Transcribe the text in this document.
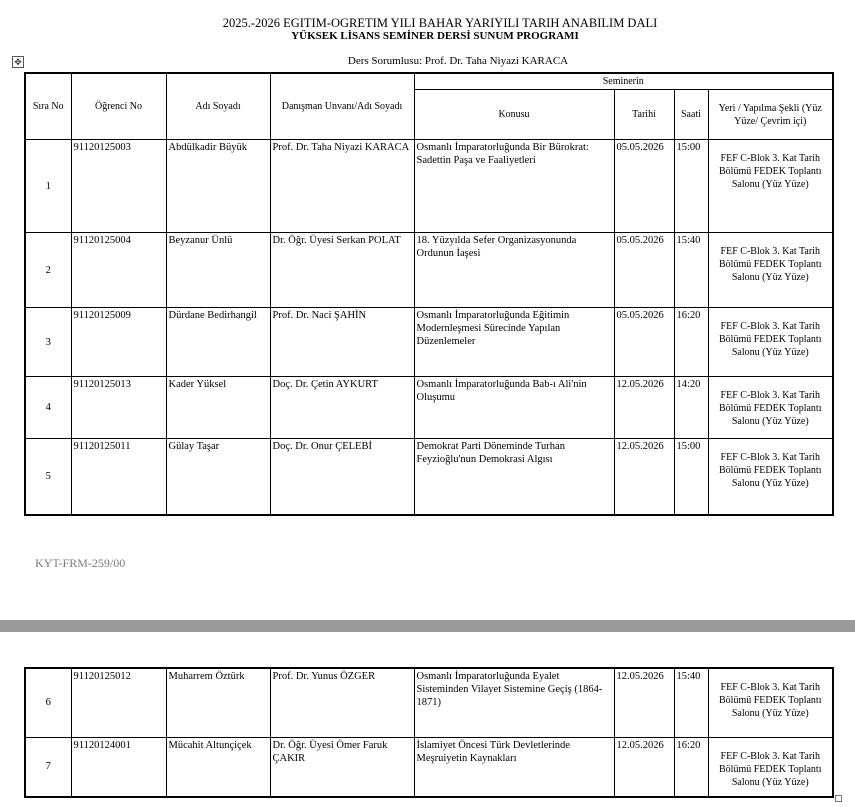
2025.-2026 EGITIM-OGRETIM YILI BAHAR YARIYILI TARIH ANABILIM DALI
YÜKSEK LİSANS SEMİNER DERSİ SUNUM PROGRAMI
Ders Sorumlusu: Prof. Dr. Taha Niyazi KARACA
✥
Sıra No	Öğrenci No	Adı Soyadı	Danışman Unvanı/Adı Soyadı	Seminerin			
				Konusu	Tarihi	Saati	Yeri / Yapılma Şekli (Yüz Yüze/ Çevrim içi)
1	91120125003	Abdülkadir Büyük	Prof. Dr. Taha Niyazi KARACA	Osmanlı İmparatorluğunda Bir Bürokrat: Sadettin Paşa ve Faaliyetleri	05.05.2026	15:00	FEF C-Blok 3. Kat Tarih Bölümü FEDEK Toplantı Salonu (Yüz Yüze)
2	91120125004	Beyzanur Ünlü	Dr. Öğr. Üyesi Serkan POLAT	18. Yüzyılda Sefer Organizasyonunda Ordunun İaşesi	05.05.2026	15:40	FEF C-Blok 3. Kat Tarih Bölümü FEDEK Toplantı Salonu (Yüz Yüze)
3	91120125009	Dürdane Bedirhangil	Prof. Dr. Naci ŞAHİN	Osmanlı İmparatorluğunda Eğitimin Modernleşmesi Sürecinde Yapılan Düzenlemeler	05.05.2026	16:20	FEF C-Blok 3. Kat Tarih Bölümü FEDEK Toplantı Salonu (Yüz Yüze)
4	91120125013	Kader Yüksel	Doç. Dr. Çetin AYKURT	Osmanlı İmparatorluğunda Bab-ı Ali'nin Oluşumu	12.05.2026	14:20	FEF C-Blok 3. Kat Tarih Bölümü FEDEK Toplantı Salonu (Yüz Yüze)
5	91120125011	Gülay Taşar	Doç. Dr. Onur ÇELEBİ	Demokrat Parti Döneminde Turhan Feyzioğlu'nun Demokrasi Algısı	12.05.2026	15:00	FEF C-Blok 3. Kat Tarih Bölümü FEDEK Toplantı Salonu (Yüz Yüze)
KYT-FRM-259/00
6	91120125012	Muharrem Öztürk	Prof. Dr. Yunus ÖZGER	Osmanlı İmparatorluğunda Eyalet Sisteminden Vilayet Sistemine Geçiş (1864-1871)	12.05.2026	15:40	FEF C-Blok 3. Kat Tarih Bölümü FEDEK Toplantı Salonu (Yüz Yüze)
7	91120124001	Mücahit Altunçiçek	Dr. Öğr. Üyesi Ömer Faruk ÇAKIR	İslamiyet Öncesi Türk Devletlerinde Meşruiyetin Kaynakları	12.05.2026	16:20	FEF C-Blok 3. Kat Tarih Bölümü FEDEK Toplantı Salonu (Yüz Yüze)
